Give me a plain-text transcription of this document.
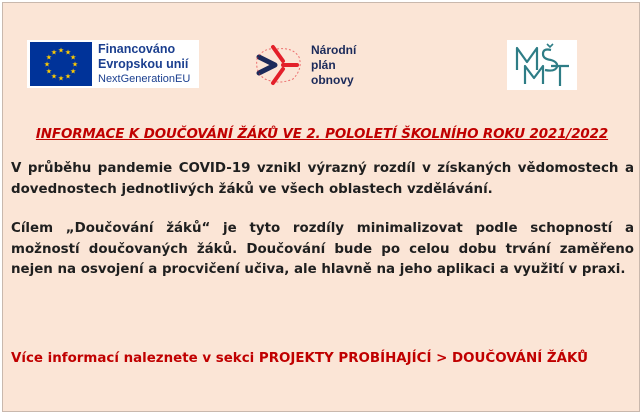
★ ★
★
★
★
★
★
★
★
★
★
★	Financováno
Evropskou unií
NextGenerationEU
Národní
plán
obnovy
INFORMACE K DOUČOVÁNÍ ŽÁKŮ VE 2. POLOLETÍ ŠKOLNÍHO ROKU 2021/2022
V průběhu pandemie COVID-19 vznikl výrazný rozdíl v získaných vědomostech a dovednostech jednotlivých žáků ve všech oblastech vzdělávání.
Cílem „Doučování žáků“ je tyto rozdíly minimalizovat podle schopností a možností doučovaných žáků. Doučování bude po celou dobu trvání zaměřeno nejen na osvojení a procvičení učiva, ale hlavně na jeho aplikaci a využití v praxi.
Více informací naleznete v sekci PROJEKTY PROBÍHAJÍCÍ > DOUČOVÁNÍ ŽÁKŮ
